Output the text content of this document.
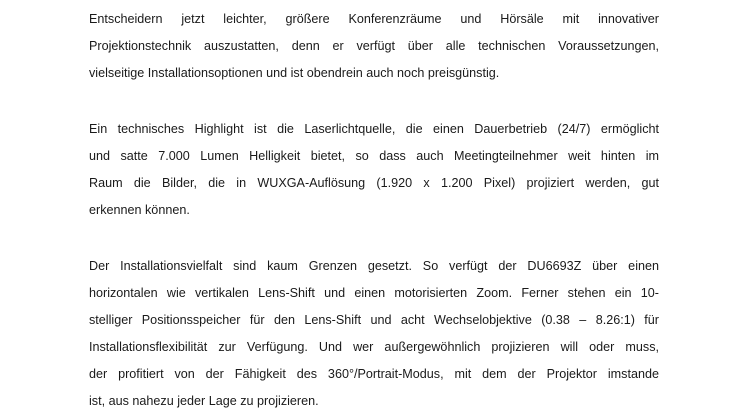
Entscheidern jetzt leichter, größere Konferenzräume und Hörsäle mit innovativer
Projektionstechnik auszustatten, denn er verfügt über alle technischen Voraussetzungen,
vielseitige Installationsoptionen und ist obendrein auch noch preisgünstig.
Ein technisches Highlight ist die Laserlichtquelle, die einen Dauerbetrieb (24/7) ermöglicht
und satte 7.000 Lumen Helligkeit bietet, so dass auch Meetingteilnehmer weit hinten im
Raum die Bilder, die in WUXGA-Auflösung (1.920 x 1.200 Pixel) projiziert werden, gut
erkennen können.
Der Installationsvielfalt sind kaum Grenzen gesetzt. So verfügt der DU6693Z über einen
horizontalen wie vertikalen Lens-Shift und einen motorisierten Zoom. Ferner stehen ein 10-
stelliger Positionsspeicher für den Lens-Shift und acht Wechselobjektive (0.38 – 8.26:1) für
Installationsflexibilität zur Verfügung. Und wer außergewöhnlich projizieren will oder muss,
der profitiert von der Fähigkeit des 360°/Portrait-Modus, mit dem der Projektor imstande
ist, aus nahezu jeder Lage zu projizieren.
